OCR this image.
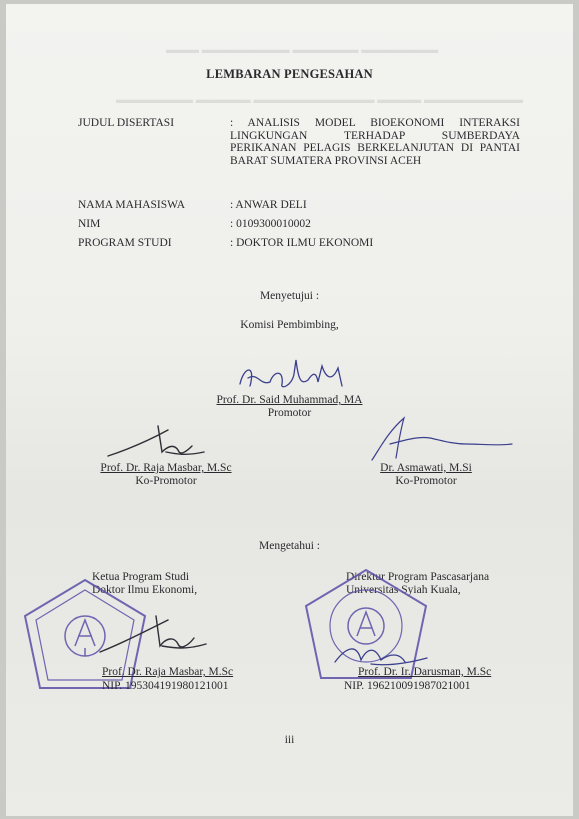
▬▬▬ ▬▬▬▬▬▬▬▬ ▬▬▬▬▬▬ ▬▬▬▬▬▬▬
▬▬▬▬▬▬▬ ▬▬▬▬▬ ▬▬▬▬▬▬▬▬▬▬▬ ▬▬▬▬ ▬▬▬▬▬▬▬▬▬
LEMBARAN PENGESAHAN
JUDUL DISERTASI	: ANALISIS MODEL BIOEKONOMI INTERAKSI LINGKUNGAN TERHADAP SUMBERDAYA PERIKANAN PELAGIS BERKELANJUTAN DI PANTAI BARAT SUMATERA PROVINSI ACEH
NAMA MAHASISWA	: ANWAR DELI
NIM	: 0109300010002
PROGRAM STUDI	: DOKTOR ILMU EKONOMI
Menyetujui :
Komisi Pembimbing,
Prof. Dr. Said Muhammad, MA
Promotor
Prof. Dr. Raja Masbar, M.Sc
Ko-Promotor
Dr. Asmawati, M.Si
Ko-Promotor
Mengetahui :
Ketua Program Studi
Doktor Ilmu Ekonomi,
Prof. Dr. Raja Masbar, M.Sc
NIP. 195304191980121001
Direktur Program Pascasarjana
Universitas Syiah Kuala,
Prof. Dr. Ir. Darusman, M.Sc
NIP. 196210091987021001
iii
